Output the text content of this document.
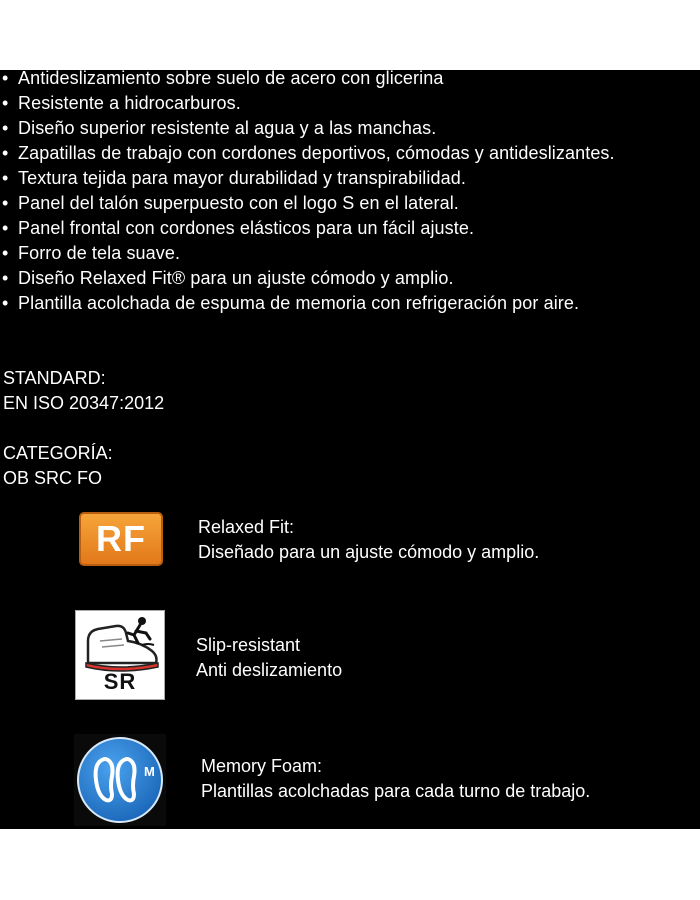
• Antideslizamiento sobre suelo de acero con glicerina
• Resistente a hidrocarburos.
• Diseño superior resistente al agua y a las manchas.
• Zapatillas de trabajo con cordones deportivos, cómodas y antideslizantes.
• Textura tejida para mayor durabilidad y transpirabilidad.
• Panel del talón superpuesto con el logo S en el lateral.
• Panel frontal con cordones elásticos para un fácil ajuste.
• Forro de tela suave.
• Diseño Relaxed Fit® para un ajuste cómodo y amplio.
• Plantilla acolchada de espuma de memoria con refrigeración por aire.
STANDARD:
EN ISO 20347:2012
CATEGORÍA:
OB SRC FO
RF	Relaxed Fit:
Diseñado para un ajuste cómodo y amplio.
SR
Slip-resistant
Anti deslizamiento
M	Memory Foam:
Plantillas acolchadas para cada turno de trabajo.
